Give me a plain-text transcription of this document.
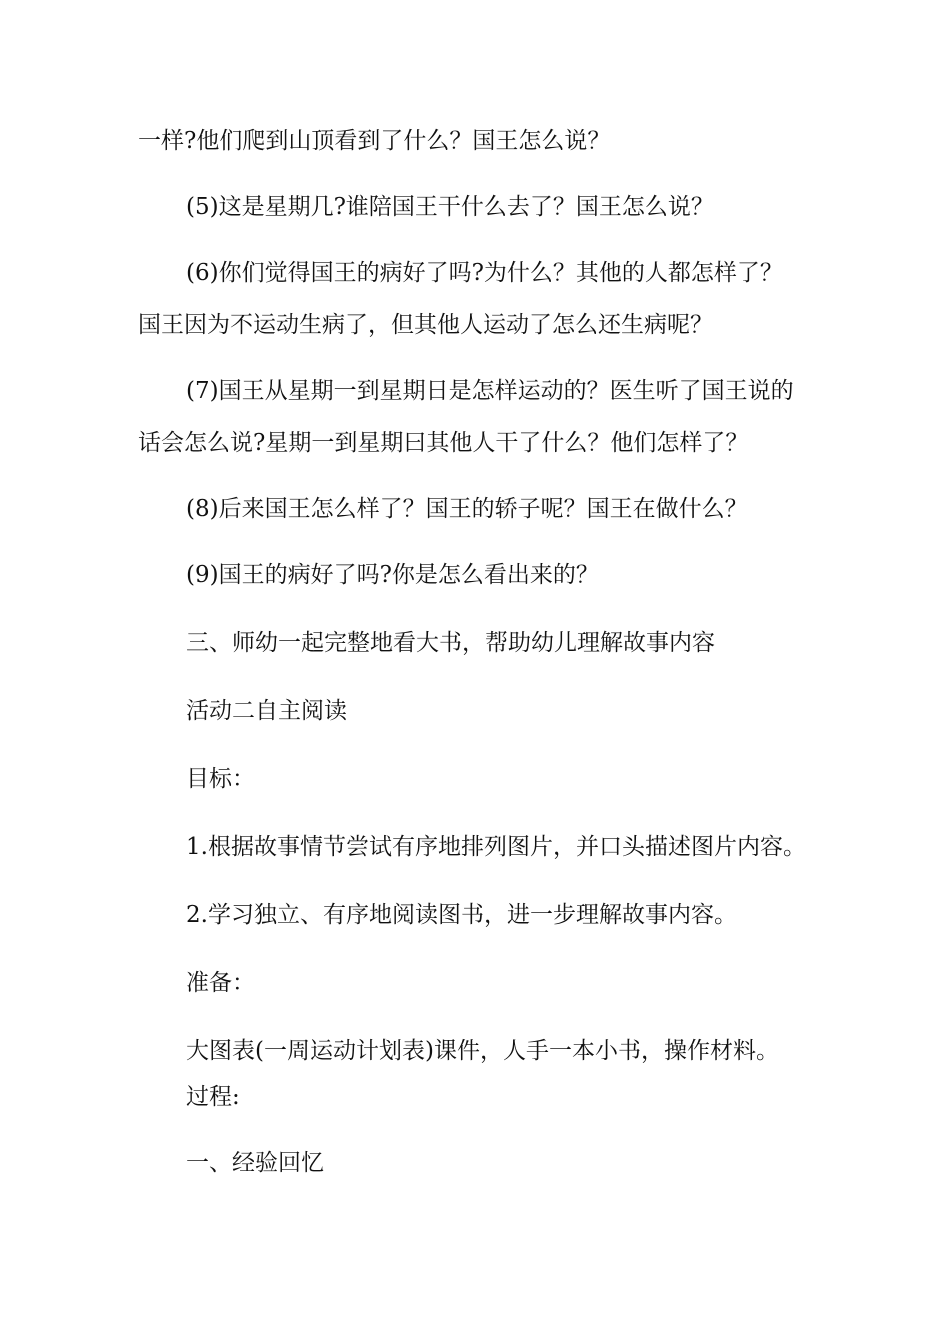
一样?他们爬到山顶看到了什么？国王怎么说？
(5)这是星期几?谁陪国王干什么去了？国王怎么说？
(6)你们觉得国王的病好了吗?为什么？其他的人都怎样了？
国王因为不运动生病了，但其他人运动了怎么还生病呢？
(7)国王从星期一到星期日是怎样运动的？医生听了国王说的
话会怎么说?星期一到星期曰其他人干了什么？他们怎样了？
(8)后来国王怎么样了？国王的轿子呢？国王在做什么？
(9)国王的病好了吗?你是怎么看出来的？
三、师幼一起完整地看大书，帮助幼儿理解故事内容
活动二自主阅读
目标：
1.根据故事情节尝试有序地排列图片，并口头描述图片内容。
2.学习独立、有序地阅读图书，进一步理解故事内容。
准备：
大图表(一周运动计划表)课件，人手一本小书，操作材料。
过程:
一、经验回忆
